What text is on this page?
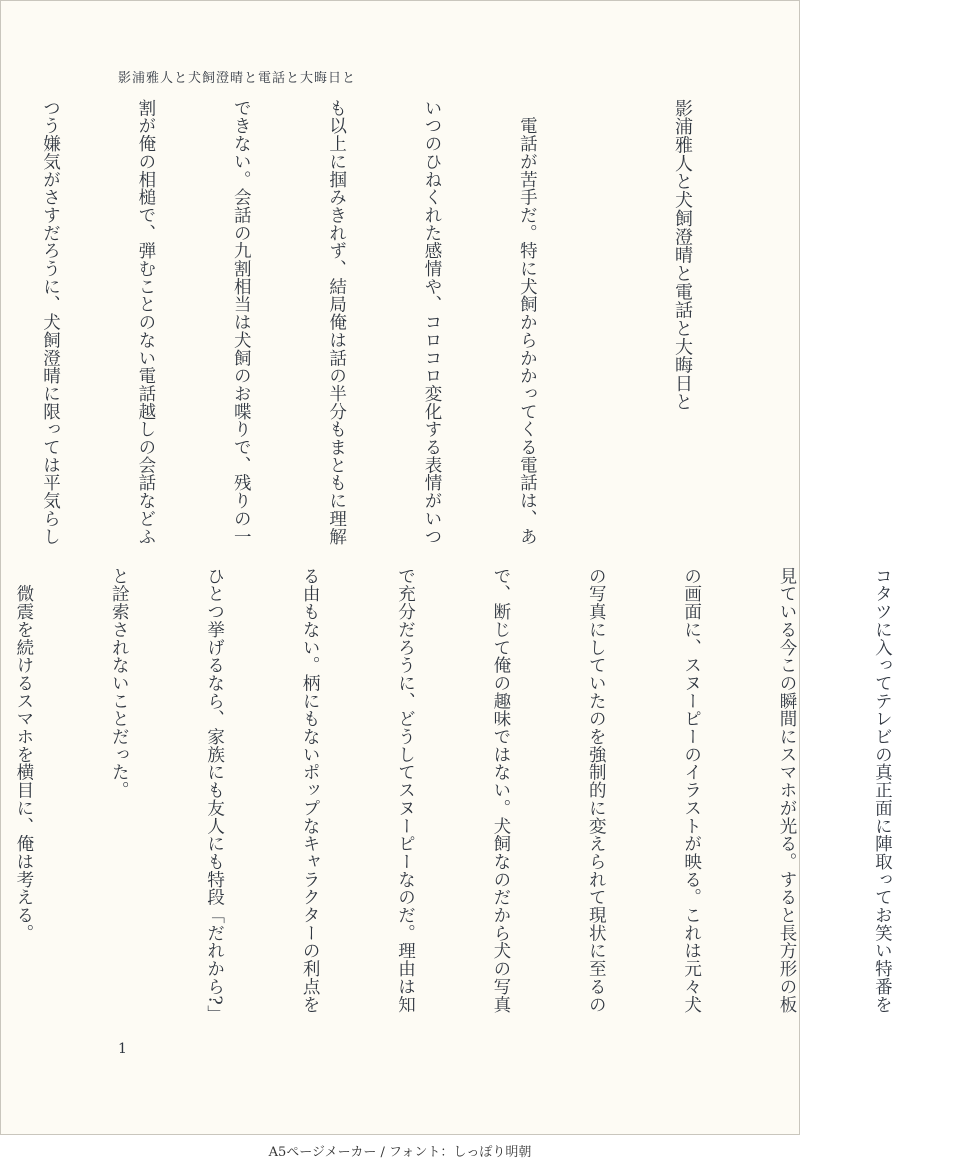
影浦雅人と犬飼澄晴と電話と大晦日と
影浦雅人と犬飼澄晴と電話と大晦日と

　電話が苦手だ。特に犬飼からかかってくる電話は、あ

いつのひねくれた感情や、コロコロ変化する表情がいつ

も以上に掴みきれず、結局俺は話の半分もまともに理解

できない。会話の九割相当は犬飼のお喋りで、残りの一

割が俺の相槌で、弾むことのない電話越しの会話などふ

つう嫌気がさすだろうに、犬飼澄晴に限っては平気らし

コタツに入ってテレビの真正面に陣取ってお笑い特番を

見ている今この瞬間にスマホが光る。すると長方形の板

の画面に、スヌーピーのイラストが映る。これは元々犬

の写真にしていたのを強制的に変えられて現状に至るの

で、断じて俺の趣味ではない。犬飼なのだから犬の写真

で充分だろうに、どうしてスヌーピーなのだ。理由は知

る由もない。柄にもないポップなキャラクターの利点を

ひとつ挙げるなら、家族にも友人にも特段「だれから?」

と詮索されないことだった。

　微震を続けるスマホを横目に、俺は考える。

1
A5ページメーカー / フォント：しっぽり明朝
